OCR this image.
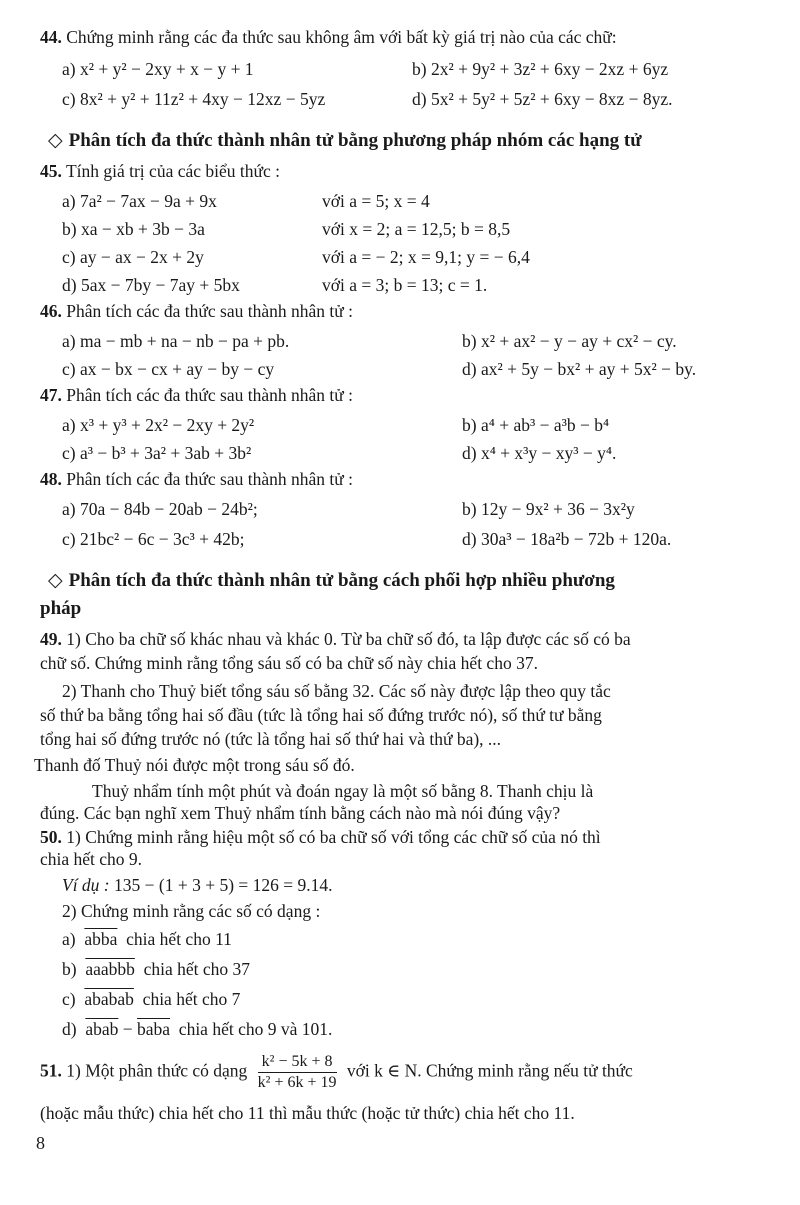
44. Chứng minh rằng các đa thức sau không âm với bất kỳ giá trị nào của các chữ:
a) x² + y² − 2xy + x − y + 1	b) 2x² + 9y² + 3z² + 6xy − 2xz + 6yz
c) 8x² + y² + 11z² + 4xy − 12xz − 5yz	d) 5x² + 5y² + 5z² + 6xy − 8xz − 8yz.
◇ Phân tích đa thức thành nhân tử bằng phương pháp nhóm các hạng tử
45. Tính giá trị của các biểu thức :
a) 7a² − 7ax − 9a + 9x	với a = 5; x = 4
b) xa − xb + 3b − 3a	với x = 2; a = 12,5; b = 8,5
c) ay − ax − 2x + 2y	với a = − 2; x = 9,1; y = − 6,4
d) 5ax − 7by − 7ay + 5bx	với a = 3; b = 13; c = 1.
46. Phân tích các đa thức sau thành nhân tử :
a) ma − mb + na − nb − pa + pb.	b) x² + ax² − y − ay + cx² − cy.
c) ax − bx − cx + ay − by − cy	d) ax² + 5y − bx² + ay + 5x² − by.
47. Phân tích các đa thức sau thành nhân tử :
a) x³ + y³ + 2x² − 2xy + 2y²	b) a⁴ + ab³ − a³b − b⁴
c) a³ − b³ + 3a² + 3ab + 3b²	d) x⁴ + x³y − xy³ − y⁴.
48. Phân tích các đa thức sau thành nhân tử :
a) 70a − 84b − 20ab − 24b²;	b) 12y − 9x² + 36 − 3x²y
c) 21bc² − 6c − 3c³ + 42b;	d) 30a³ − 18a²b − 72b + 120a.
◇ Phân tích đa thức thành nhân tử bằng cách phối hợp nhiều phương
pháp
49. 1) Cho ba chữ số khác nhau và khác 0. Từ ba chữ số đó, ta lập được các số có ba
chữ số. Chứng minh rằng tổng sáu số có ba chữ số này chia hết cho 37.
2) Thanh cho Thuỷ biết tổng sáu số bằng 32. Các số này được lập theo quy tắc
số thứ ba bằng tổng hai số đầu (tức là tổng hai số đứng trước nó), số thứ tư bằng
tổng hai số đứng trước nó (tức là tổng hai số thứ hai và thứ ba), ...
Thanh đố Thuỷ nói được một trong sáu số đó.
Thuỷ nhẩm tính một phút và đoán ngay là một số bằng 8. Thanh chịu là
đúng. Các bạn nghĩ xem Thuỷ nhẩm tính bằng cách nào mà nói đúng vậy?
50. 1) Chứng minh rằng hiệu một số có ba chữ số với tổng các chữ số của nó thì
chia hết cho 9.
Ví dụ : 135 − (1 + 3 + 5) = 126 = 9.14.
2) Chứng minh rằng các số có dạng :
a) abba chia hết cho 11
b) aaabbb chia hết cho 37
c) ababab chia hết cho 7
d) abab − baba chia hết cho 9 và 101.
51. 1) Một phân thức có dạng $\frac{\text{k² − 5k + 8}}{\text{k² + 6k + 19}}$ với k ∈ N. Chứng minh rằng nếu tử thức
(hoặc mẫu thức) chia hết cho 11 thì mẫu thức (hoặc tử thức) chia hết cho 11.
8
